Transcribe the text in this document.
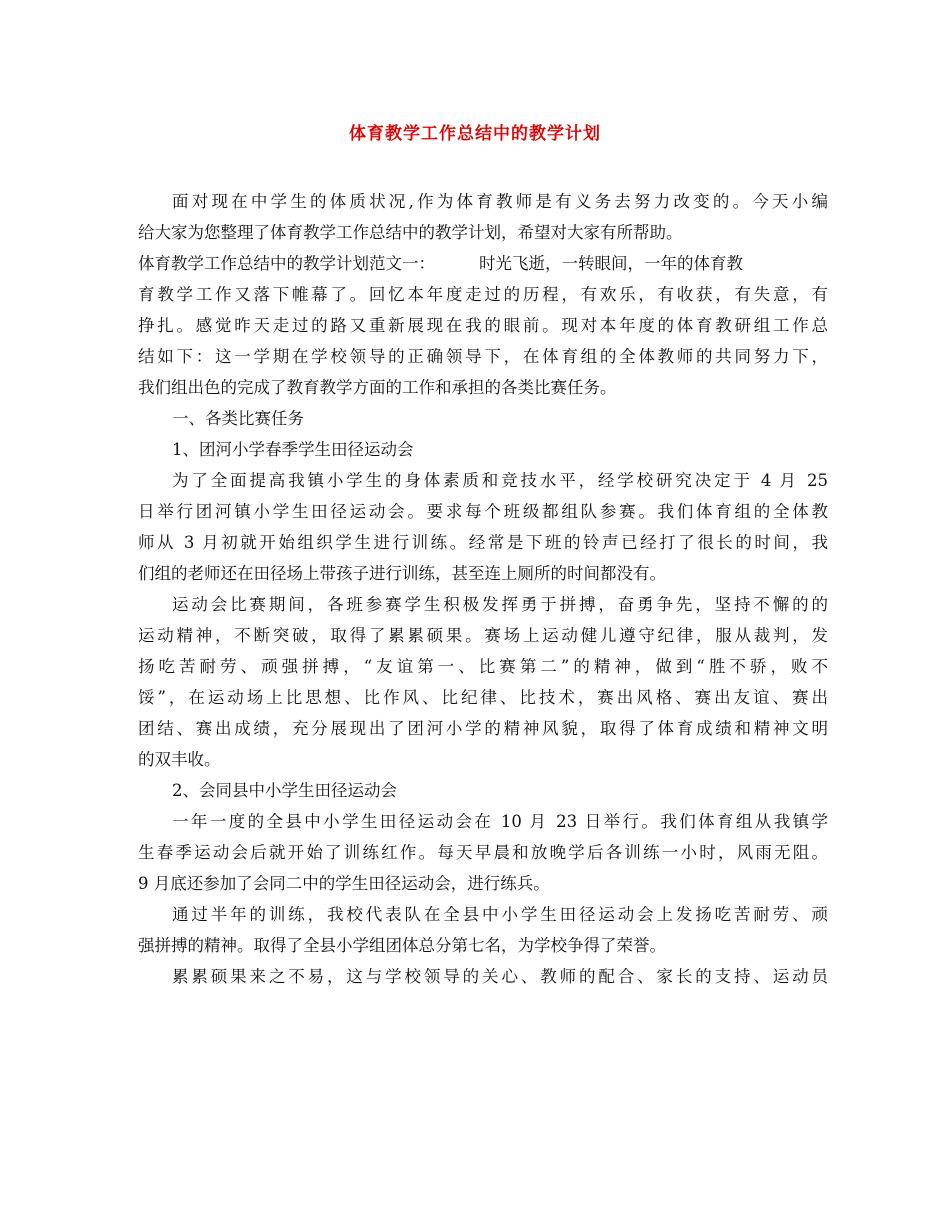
体育教学工作总结中的教学计划
面对现在中学生的体质状况,作为体育教师是有义务去努力改变的。今天小编
给大家为您整理了体育教学工作总结中的教学计划，希望对大家有所帮助。
体育教学工作总结中的教学计划范文一：	时光飞逝，一转眼间，一年的体育教
育教学工作又落下帷幕了。回忆本年度走过的历程，有欢乐，有收获，有失意，有
挣扎。感觉昨天走过的路又重新展现在我的眼前。现对本年度的体育教研组工作总
结如下：这一学期在学校领导的正确领导下，在体育组的全体教师的共同努力下，
我们组出色的完成了教育教学方面的工作和承担的各类比赛任务。
一、各类比赛任务
1、团河小学春季学生田径运动会
为了全面提高我镇小学生的身体素质和竞技水平，经学校研究决定于 4 月 25
日举行团河镇小学生田径运动会。要求每个班级都组队参赛。我们体育组的全体教
师从 3 月初就开始组织学生进行训练。经常是下班的铃声已经打了很长的时间，我
们组的老师还在田径场上带孩子进行训练，甚至连上厕所的时间都没有。
运动会比赛期间，各班参赛学生积极发挥勇于拼搏，奋勇争先，坚持不懈的的
运动精神，不断突破，取得了累累硕果。赛场上运动健儿遵守纪律，服从裁判，发
扬吃苦耐劳、顽强拼搏，“友谊第一、比赛第二”的精神，做到“胜不骄，败不
馁”，在运动场上比思想、比作风、比纪律、比技术，赛出风格、赛出友谊、赛出
团结、赛出成绩，充分展现出了团河小学的精神风貌，取得了体育成绩和精神文明
的双丰收。
2、会同县中小学生田径运动会
一年一度的全县中小学生田径运动会在 10 月 23 日举行。我们体育组从我镇学
生春季运动会后就开始了训练红作。每天早晨和放晚学后各训练一小时，风雨无阻。
9 月底还参加了会同二中的学生田径运动会，进行练兵。
通过半年的训练，我校代表队在全县中小学生田径运动会上发扬吃苦耐劳、顽
强拼搏的精神。取得了全县小学组团体总分第七名，为学校争得了荣誉。
累累硕果来之不易，这与学校领导的关心、教师的配合、家长的支持、运动员
